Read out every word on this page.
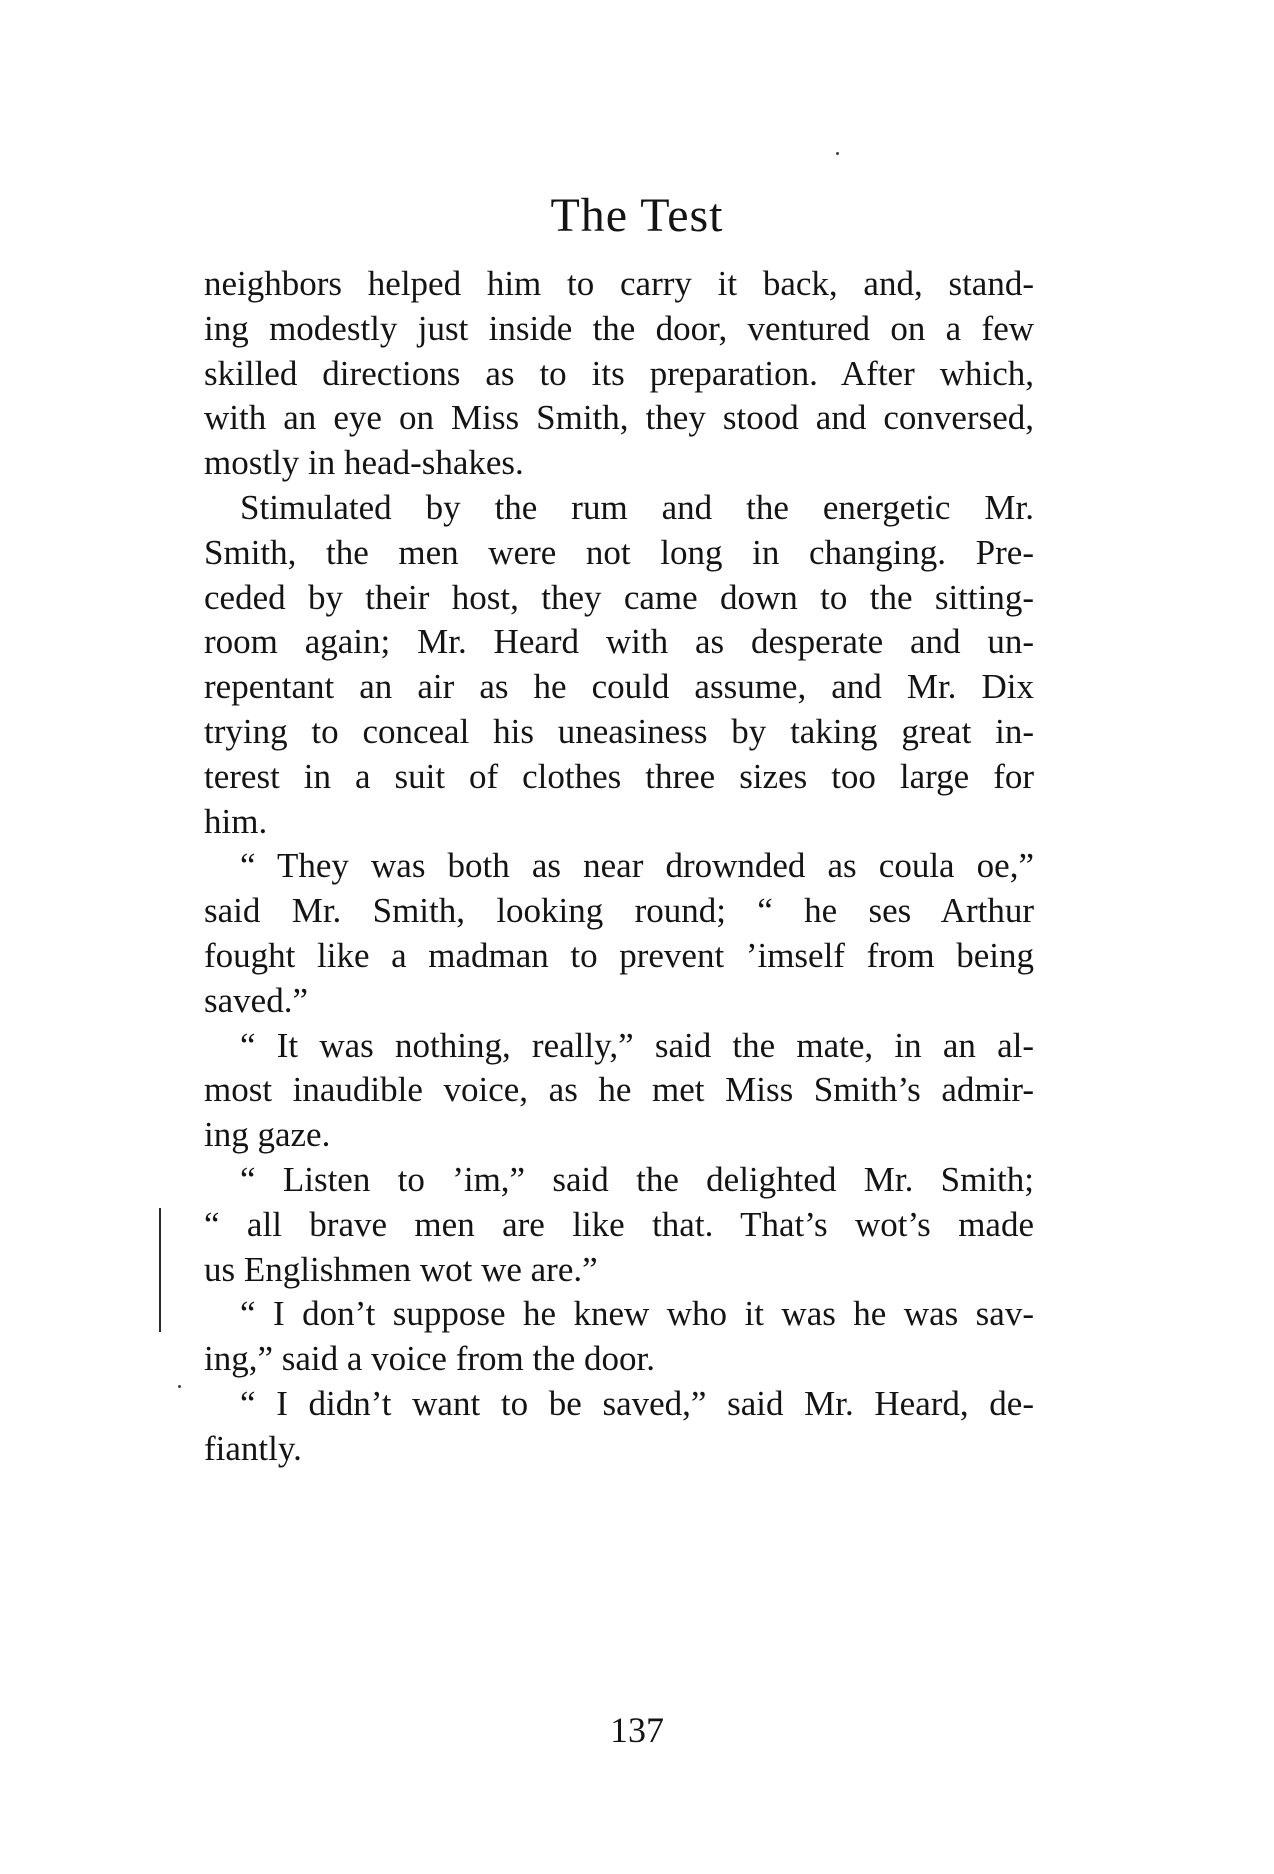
The Test
neighbors helped him to carry it back, and, stand-
ing modestly just inside the door, ventured on a few
skilled directions as to its preparation. After which,
with an eye on Miss Smith, they stood and conversed,
mostly in head-shakes.
Stimulated by the rum and the energetic Mr.
Smith, the men were not long in changing. Pre-
ceded by their host, they came down to the sitting-
room again; Mr. Heard with as desperate and un-
repentant an air as he could assume, and Mr. Dix
trying to conceal his uneasiness by taking great in-
terest in a suit of clothes three sizes too large for
him.
“ They was both as near drownded as coula oe,”
said Mr. Smith, looking round; “ he ses Arthur
fought like a madman to prevent ’imself from being
saved.”
“ It was nothing, really,” said the mate, in an al-
most inaudible voice, as he met Miss Smith’s admir-
ing gaze.
“ Listen to ’im,” said the delighted Mr. Smith;
“ all brave men are like that. That’s wot’s made
us Englishmen wot we are.”
“ I don’t suppose he knew who it was he was sav-
ing,” said a voice from the door.
“ I didn’t want to be saved,” said Mr. Heard, de-
fiantly.
137
